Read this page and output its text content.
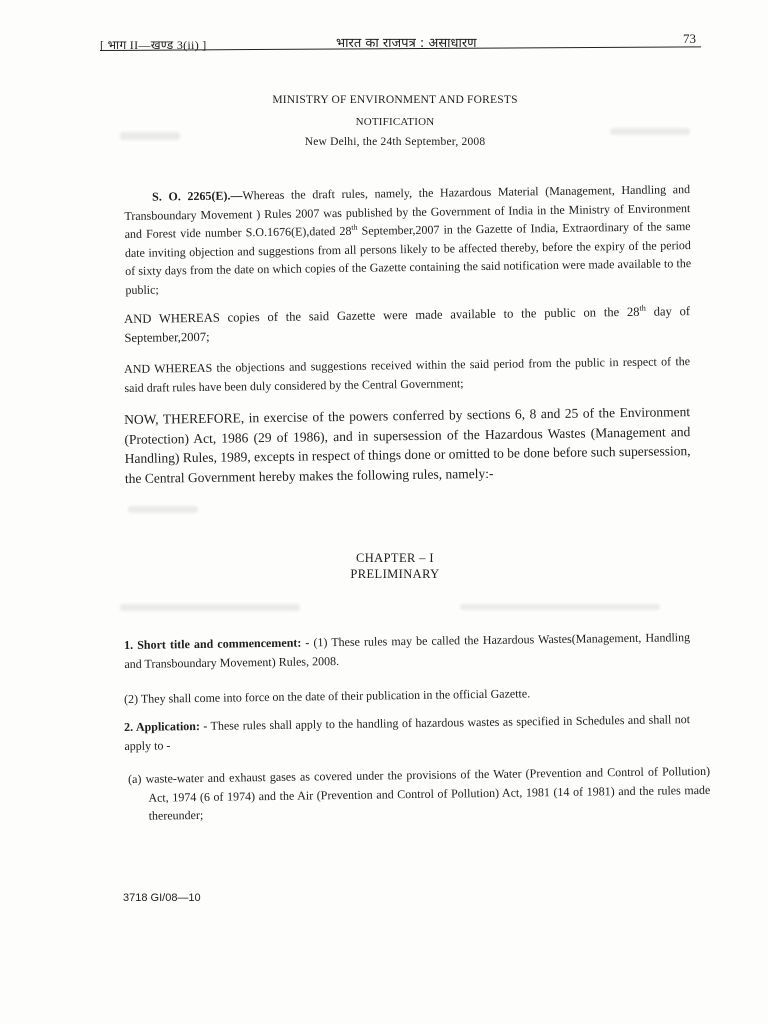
[ भाग II—खण्ड 3(ii) ]	भारत का राजपत्र : असाधारण	73
MINISTRY OF ENVIRONMENT AND FORESTS
NOTIFICATION
New Delhi, the 24th September, 2008
S. O. 2265(E).—Whereas the draft rules, namely, the Hazardous Material (Management, Handling and Transboundary Movement ) Rules 2007 was published by the Government of India in the Ministry of Environment and Forest vide number S.O.1676(E),dated 28th September,2007 in the Gazette of India, Extraordinary of the same date inviting objection and suggestions from all persons likely to be affected thereby, before the expiry of the period of sixty days from the date on which copies of the Gazette containing the said notification were made available to the public;
AND WHEREAS copies of the said Gazette were made available to the public on the 28th day of September,2007;
AND WHEREAS the objections and suggestions received within the said period from the public in respect of the said draft rules have been duly considered by the Central Government;
NOW, THEREFORE, in exercise of the powers conferred by sections 6, 8 and 25 of the Environment (Protection) Act, 1986 (29 of 1986), and in supersession of the Hazardous Wastes (Management and Handling) Rules, 1989, excepts in respect of things done or omitted to be done before such supersession, the Central Government hereby makes the following rules, namely:-
CHAPTER – I
PRELIMINARY
1. Short title and commencement: - (1) These rules may be called the Hazardous Wastes(Management, Handling and Transboundary Movement) Rules, 2008.
(2) They shall come into force on the date of their publication in the official Gazette.
2. Application: - These rules shall apply to the handling of hazardous wastes as specified in Schedules and shall not apply to -
(a) waste-water and exhaust gases as covered under the provisions of the Water (Prevention and Control of Pollution) Act, 1974 (6 of 1974) and the Air (Prevention and Control of Pollution) Act, 1981 (14 of 1981) and the rules made thereunder;
3718 GI/08—10
